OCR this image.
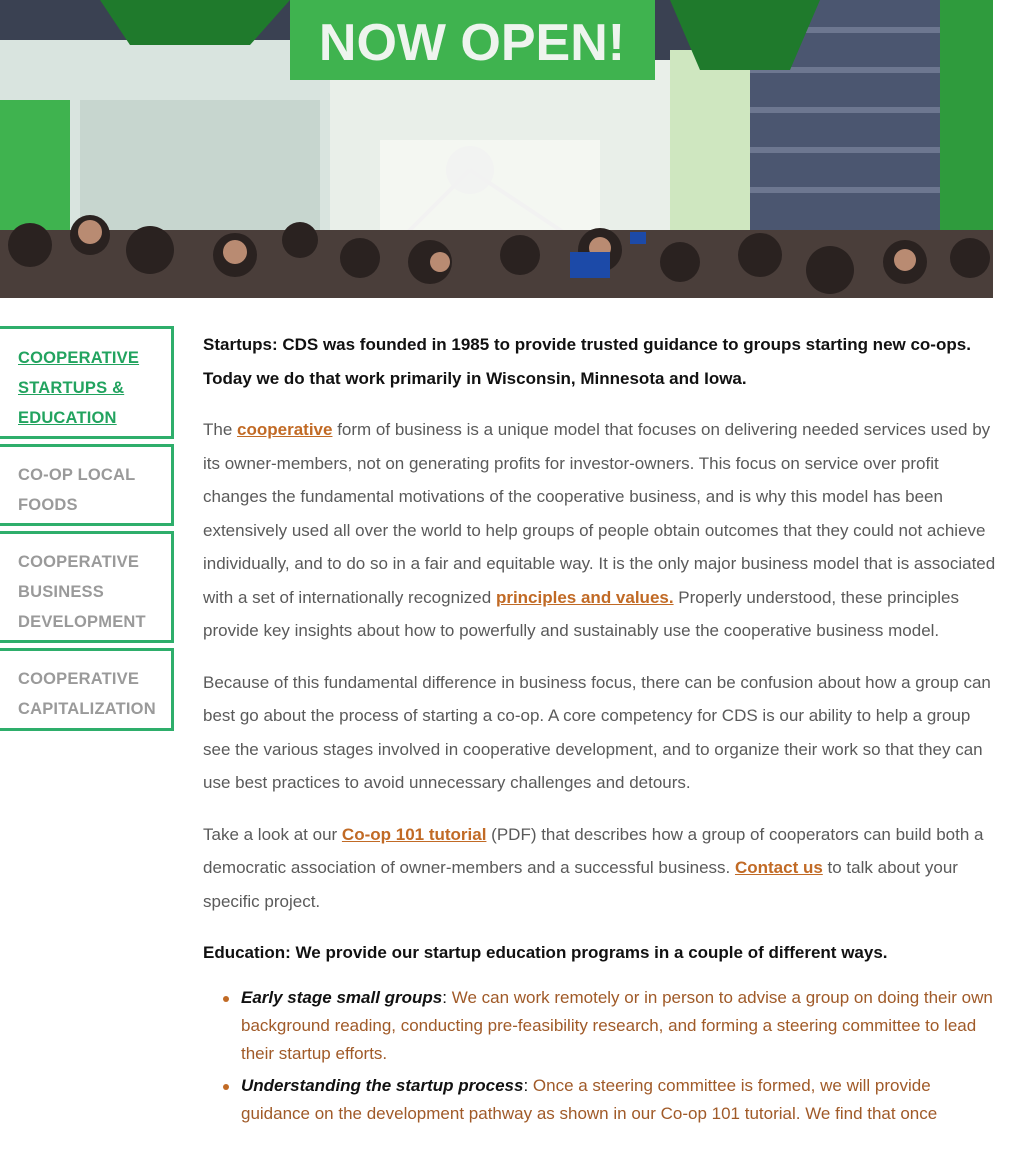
NOW OPEN!
COOPERATIVE
STARTUPS &
EDUCATION
CO-OP LOCAL
FOODS
COOPERATIVE
BUSINESS
DEVELOPMENT
COOPERATIVE
CAPITALIZATION

Startups: CDS was founded in 1985 to provide trusted guidance to groups starting new co-ops. Today we do that work primarily in Wisconsin, Minnesota and Iowa.

The cooperative form of business is a unique model that focuses on delivering needed services used by its owner-members, not on generating profits for investor-owners. This focus on service over profit changes the fundamental motivations of the cooperative business, and is why this model has been extensively used all over the world to help groups of people obtain outcomes that they could not achieve individually, and to do so in a fair and equitable way. It is the only major business model that is associated with a set of internationally recognized principles and values. Properly understood, these principles provide key insights about how to powerfully and sustainably use the cooperative business model.

Because of this fundamental difference in business focus, there can be confusion about how a group can best go about the process of starting a co-op. A core competency for CDS is our ability to help a group see the various stages involved in cooperative development, and to organize their work so that they can use best practices to avoid unnecessary challenges and detours.

Take a look at our Co-op 101 tutorial (PDF) that describes how a group of cooperators can build both a democratic association of owner-members and a successful business. Contact us to talk about your specific project.

Education: We provide our startup education programs in a couple of different ways.

Early stage small groups: We can work remotely or in person to advise a group on doing their own background reading, conducting pre-feasibility research, and forming a steering committee to lead their startup efforts.
Understanding the startup process: Once a steering committee is formed, we will provide guidance on the development pathway as shown in our Co-op 101 tutorial. We find that once
